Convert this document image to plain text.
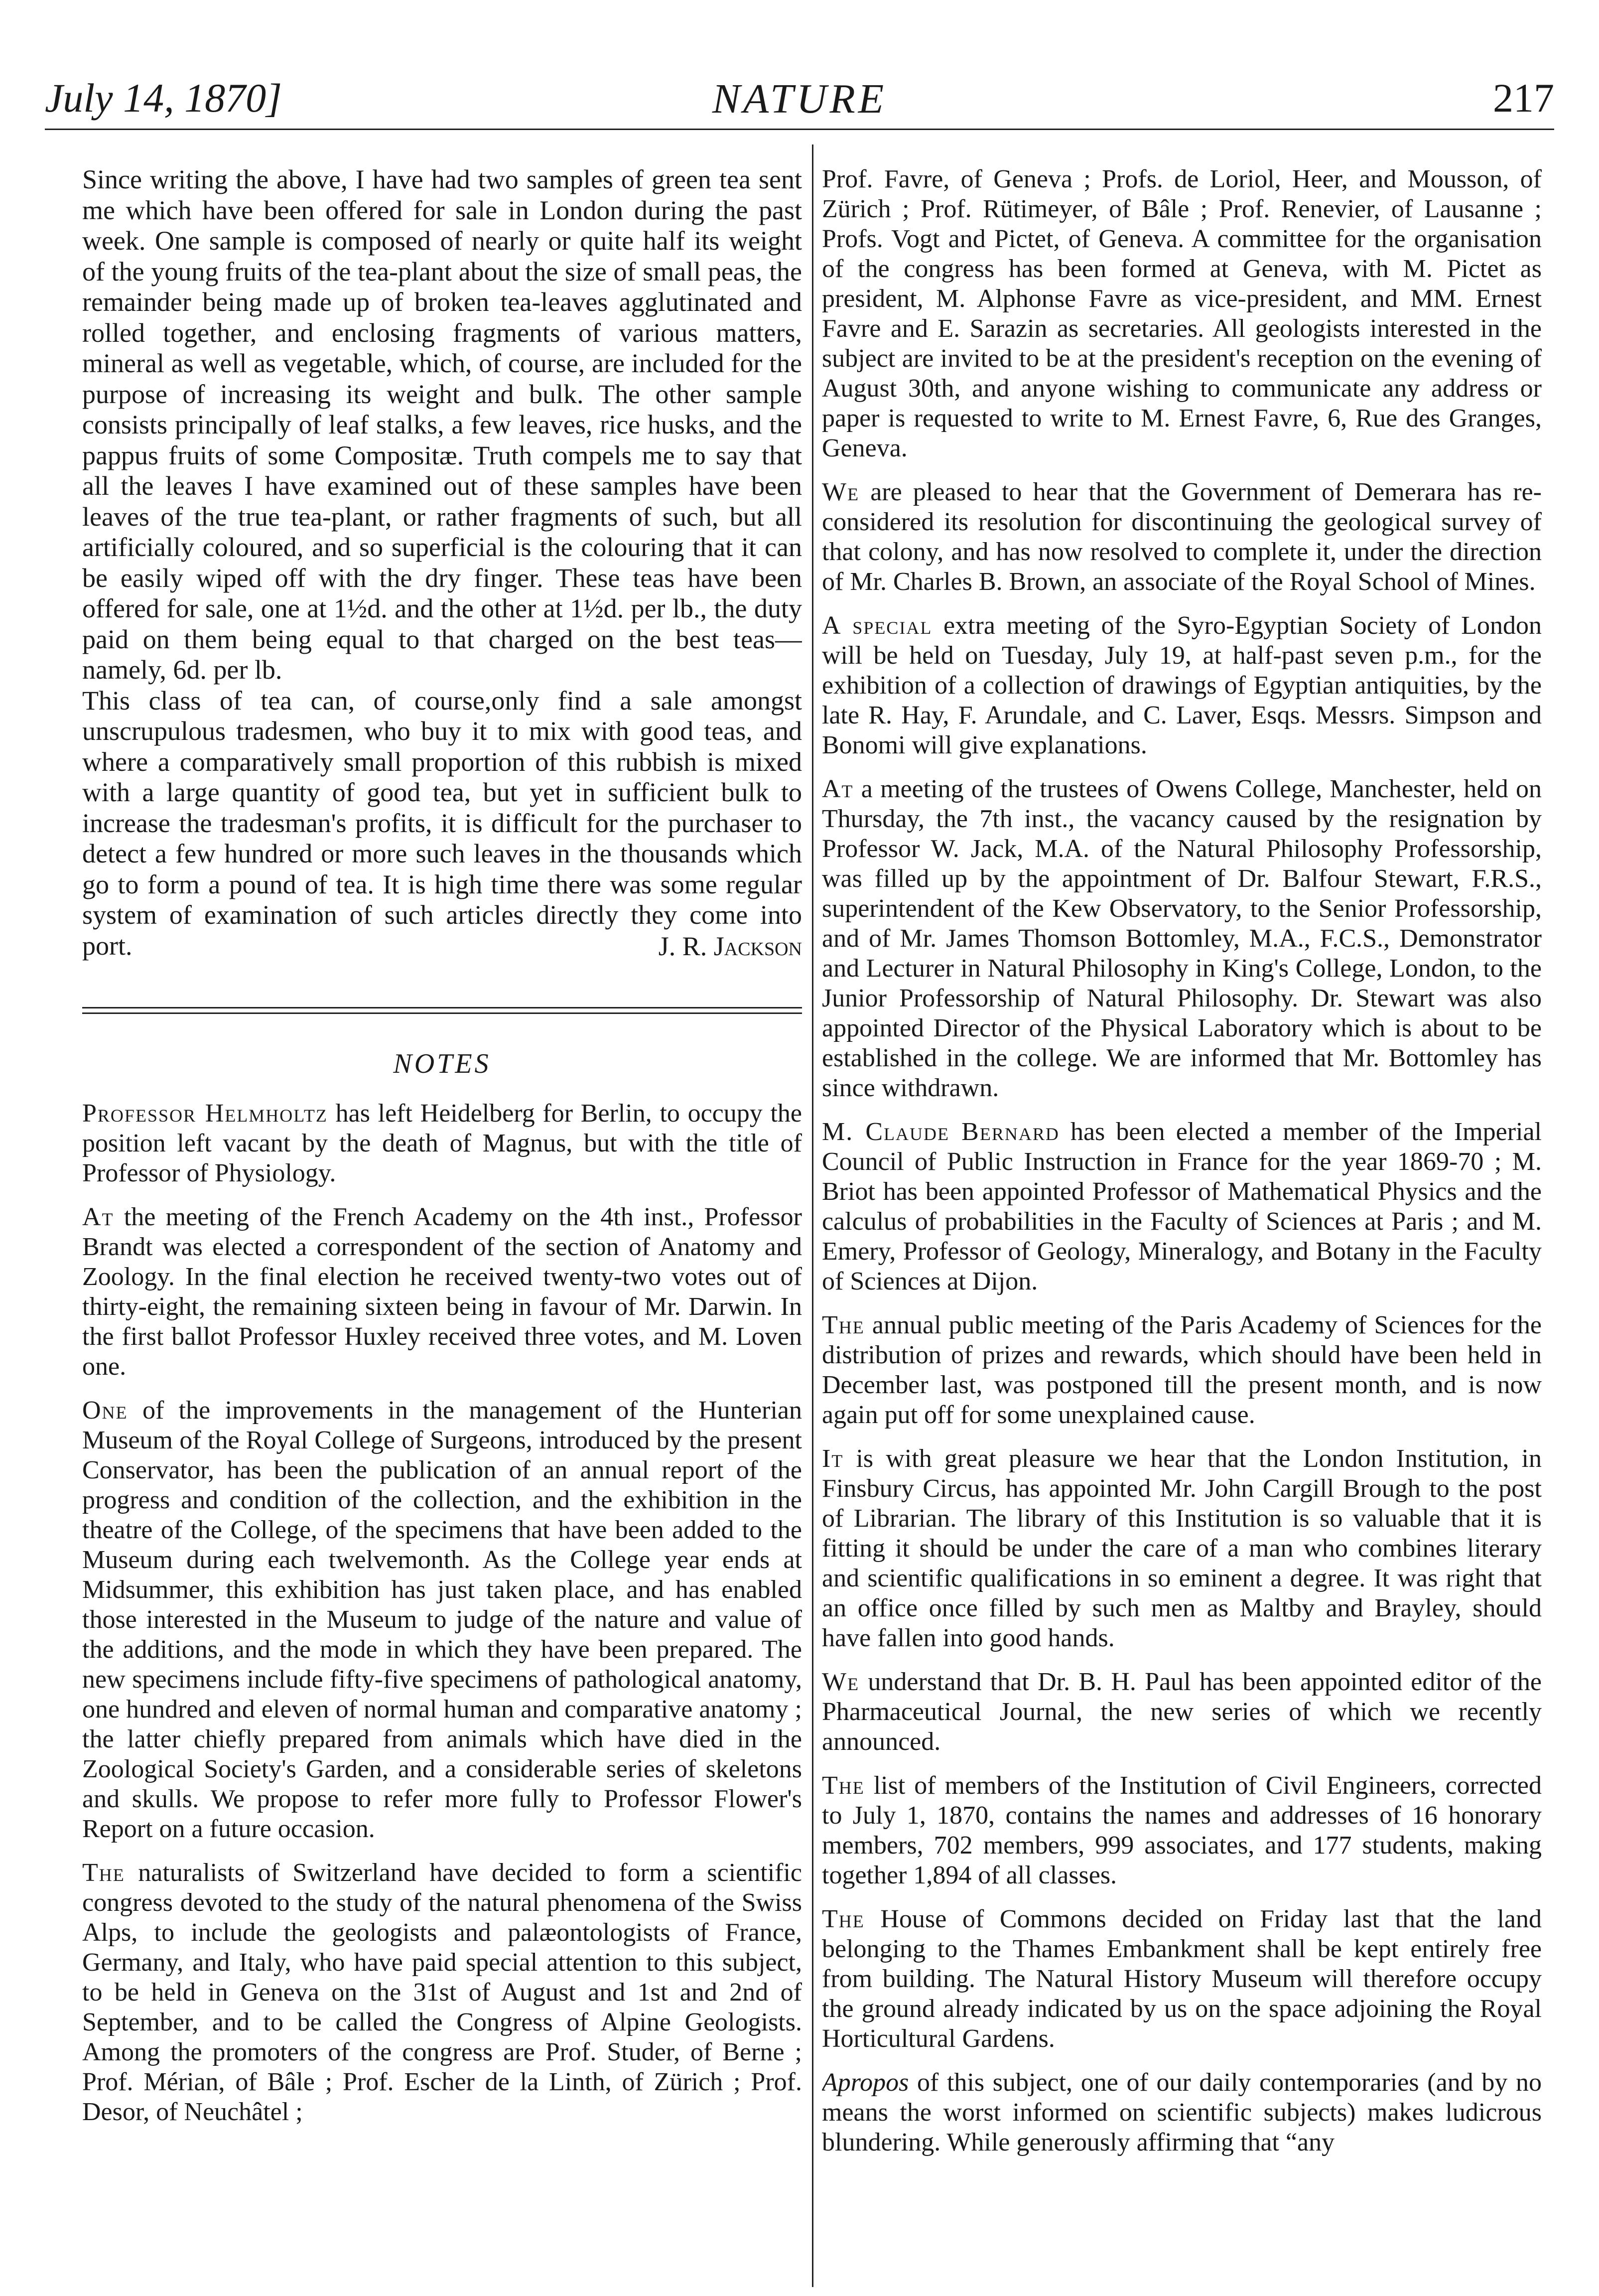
July 14, 1870]	NATURE	217

Since writing the above, I have had two samples of green tea sent me which have been offered for sale in London during the past week. One sample is composed of nearly or quite half its weight of the young fruits of the tea-plant about the size of small peas, the remainder being made up of broken tea-leaves agglutinated and rolled together, and enclosing fragments of various matters, mineral as well as vegetable, which, of course, are included for the purpose of increasing its weight and bulk. The other sample consists principally of leaf stalks, a few leaves, rice husks, and the pappus fruits of some Compositæ. Truth compels me to say that all the leaves I have examined out of these samples have been leaves of the true tea-plant, or rather fragments of such, but all artificially coloured, and so superficial is the colouring that it can be easily wiped off with the dry finger. These teas have been offered for sale, one at 1½d. and the other at 1½d. per lb., the duty paid on them being equal to that charged on the best teas—namely, 6d. per lb.

This class of tea can, of course,only find a sale amongst unscrupulous tradesmen, who buy it to mix with good teas, and where a comparatively small proportion of this rubbish is mixed with a large quantity of good tea, but yet in sufficient bulk to increase the tradesman's profits, it is difficult for the purchaser to detect a few hundred or more such leaves in the thousands which go to form a pound of tea. It is high time there was some regular system of examination of such articles directly they come into port.	J. R. Jackson
NOTES

Professor Helmholtz has left Heidelberg for Berlin, to occupy the position left vacant by the death of Magnus, but with the title of Professor of Physiology.

At the meeting of the French Academy on the 4th inst., Professor Brandt was elected a correspondent of the section of Anatomy and Zoology. In the final election he received twenty-two votes out of thirty-eight, the remaining sixteen being in favour of Mr. Darwin. In the first ballot Professor Huxley received three votes, and M. Loven one.

One of the improvements in the management of the Hunterian Museum of the Royal College of Surgeons, introduced by the present Conservator, has been the publication of an annual report of the progress and condition of the collection, and the exhibition in the theatre of the College, of the specimens that have been added to the Museum during each twelvemonth. As the College year ends at Midsummer, this exhibition has just taken place, and has enabled those interested in the Museum to judge of the nature and value of the additions, and the mode in which they have been prepared. The new specimens include fifty-five specimens of pathological anatomy, one hundred and eleven of normal human and comparative anatomy ; the latter chiefly prepared from animals which have died in the Zoological Society's Garden, and a considerable series of skeletons and skulls. We propose to refer more fully to Professor Flower's Report on a future occasion.

The naturalists of Switzerland have decided to form a scientific congress devoted to the study of the natural phenomena of the Swiss Alps, to include the geologists and palæontologists of France, Germany, and Italy, who have paid special attention to this subject, to be held in Geneva on the 31st of August and 1st and 2nd of September, and to be called the Congress of Alpine Geologists. Among the promoters of the congress are Prof. Studer, of Berne ; Prof. Mérian, of Bâle ; Prof. Escher de la Linth, of Zürich ; Prof. Desor, of Neuchâtel ;

Prof. Favre, of Geneva ; Profs. de Loriol, Heer, and Mousson, of Zürich ; Prof. Rütimeyer, of Bâle ; Prof. Renevier, of Lausanne ; Profs. Vogt and Pictet, of Geneva. A committee for the organisation of the congress has been formed at Geneva, with M. Pictet as president, M. Alphonse Favre as vice-president, and MM. Ernest Favre and E. Sarazin as secretaries. All geologists interested in the subject are invited to be at the president's reception on the evening of August 30th, and anyone wishing to communicate any address or paper is requested to write to M. Ernest Favre, 6, Rue des Granges, Geneva.

We are pleased to hear that the Government of Demerara has re-considered its resolution for discontinuing the geological survey of that colony, and has now resolved to complete it, under the direction of Mr. Charles B. Brown, an associate of the Royal School of Mines.

A special extra meeting of the Syro-Egyptian Society of London will be held on Tuesday, July 19, at half-past seven p.m., for the exhibition of a collection of drawings of Egyptian antiquities, by the late R. Hay, F. Arundale, and C. Laver, Esqs. Messrs. Simpson and Bonomi will give explanations.

At a meeting of the trustees of Owens College, Manchester, held on Thursday, the 7th inst., the vacancy caused by the resignation by Professor W. Jack, M.A. of the Natural Philosophy Professorship, was filled up by the appointment of Dr. Balfour Stewart, F.R.S., superintendent of the Kew Observatory, to the Senior Professorship, and of Mr. James Thomson Bottomley, M.A., F.C.S., Demonstrator and Lecturer in Natural Philosophy in King's College, London, to the Junior Professorship of Natural Philosophy. Dr. Stewart was also appointed Director of the Physical Laboratory which is about to be established in the college. We are informed that Mr. Bottomley has since withdrawn.

M. Claude Bernard has been elected a member of the Imperial Council of Public Instruction in France for the year 1869-70 ; M. Briot has been appointed Professor of Mathematical Physics and the calculus of probabilities in the Faculty of Sciences at Paris ; and M. Emery, Professor of Geology, Mineralogy, and Botany in the Faculty of Sciences at Dijon.

The annual public meeting of the Paris Academy of Sciences for the distribution of prizes and rewards, which should have been held in December last, was postponed till the present month, and is now again put off for some unexplained cause.

It is with great pleasure we hear that the London Institution, in Finsbury Circus, has appointed Mr. John Cargill Brough to the post of Librarian. The library of this Institution is so valuable that it is fitting it should be under the care of a man who combines literary and scientific qualifications in so eminent a degree. It was right that an office once filled by such men as Maltby and Brayley, should have fallen into good hands.

We understand that Dr. B. H. Paul has been appointed editor of the Pharmaceutical Journal, the new series of which we recently announced.

The list of members of the Institution of Civil Engineers, corrected to July 1, 1870, contains the names and addresses of 16 honorary members, 702 members, 999 associates, and 177 students, making together 1,894 of all classes.

The House of Commons decided on Friday last that the land belonging to the Thames Embankment shall be kept entirely free from building. The Natural History Museum will therefore occupy the ground already indicated by us on the space adjoining the Royal Horticultural Gardens.

Apropos of this subject, one of our daily contemporaries (and by no means the worst informed on scientific subjects) makes ludicrous blundering. While generously affirming that “any
